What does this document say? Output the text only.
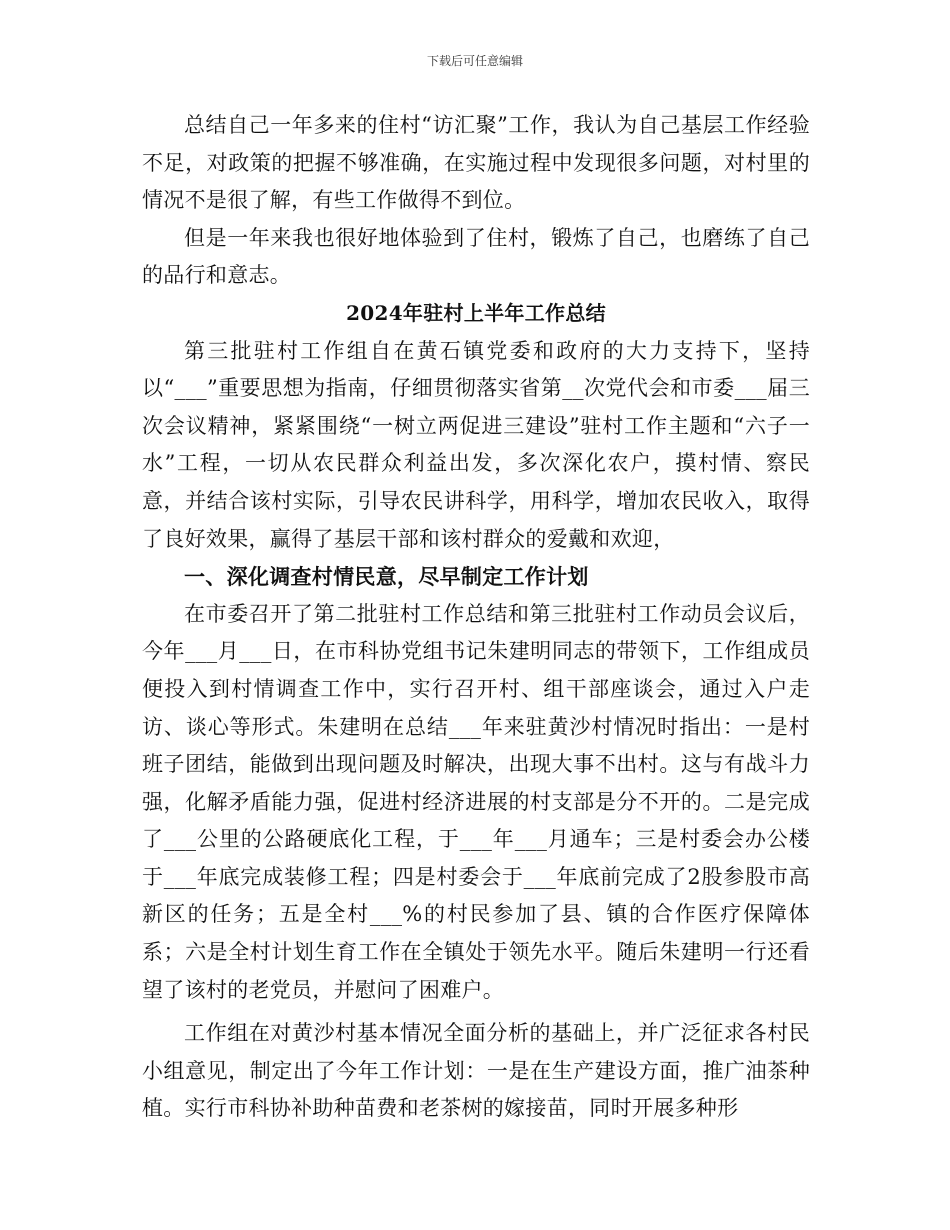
下载后可任意编辑

总结自己一年多来的住村“访汇聚”工作，我认为自己基层工作经验不足，对政策的把握不够准确，在实施过程中发现很多问题，对村里的情况不是很了解，有些工作做得不到位。

但是一年来我也很好地体验到了住村，锻炼了自己，也磨练了自己的品行和意志。

2024年驻村上半年工作总结

第三批驻村工作组自在黄石镇党委和政府的大力支持下，坚持以“___”重要思想为指南，仔细贯彻落实省第__次党代会和市委___届三次会议精神，紧紧围绕“一树立两促进三建设”驻村工作主题和“六子一水”工程，一切从农民群众利益出发，多次深化农户，摸村情、察民意，并结合该村实际，引导农民讲科学，用科学，增加农民收入，取得了良好效果，赢得了基层干部和该村群众的爱戴和欢迎，

一、深化调查村情民意，尽早制定工作计划

在市委召开了第二批驻村工作总结和第三批驻村工作动员会议后，今年___月___日，在市科协党组书记朱建明同志的带领下，工作组成员便投入到村情调查工作中，实行召开村、组干部座谈会，通过入户走访、谈心等形式。朱建明在总结___年来驻黄沙村情况时指出：一是村班子团结，能做到出现问题及时解决，出现大事不出村。这与有战斗力强，化解矛盾能力强，促进村经济进展的村支部是分不开的。二是完成了___公里的公路硬底化工程，于___年___月通车；三是村委会办公楼于___年底完成装修工程；四是村委会于___年底前完成了2股参股市高新区的任务；五是全村___%的村民参加了县、镇的合作医疗保障体系；六是全村计划生育工作在全镇处于领先水平。随后朱建明一行还看望了该村的老党员，并慰问了困难户。

工作组在对黄沙村基本情况全面分析的基础上，并广泛征求各村民小组意见，制定出了今年工作计划：一是在生产建设方面，推广油茶种植。实行市科协补助种苗费和老茶树的嫁接苗，同时开展多种形
